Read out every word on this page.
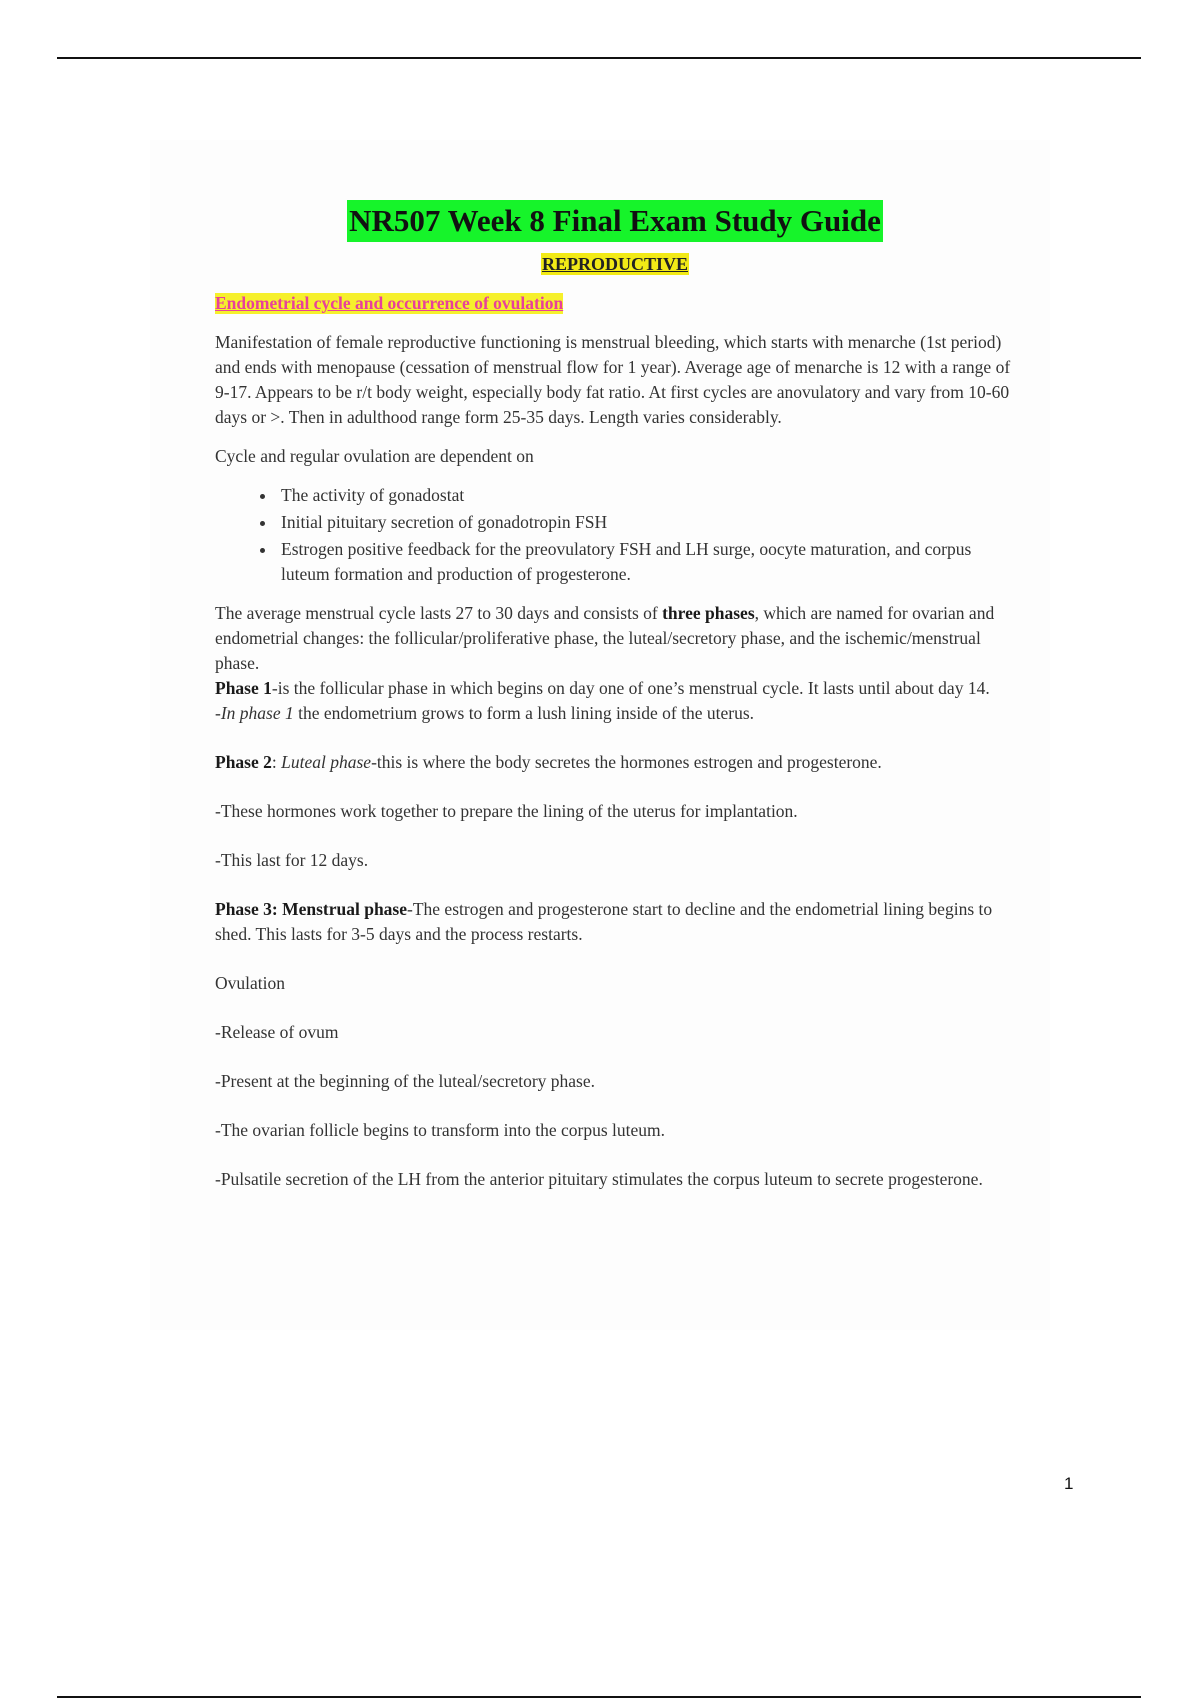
NR507 Week 8 Final Exam Study Guide
REPRODUCTIVE
Endometrial cycle and occurrence of ovulation

Manifestation of female reproductive functioning is menstrual bleeding, which starts with menarche (1st period) and ends with menopause (cessation of menstrual flow for 1 year). Average age of menarche is 12 with a range of 9-17. Appears to be r/t body weight, especially body fat ratio. At first cycles are anovulatory and vary from 10-60 days or >. Then in adulthood range form 25-35 days. Length varies considerably.

Cycle and regular ovulation are dependent on

• The activity of gonadostat
• Initial pituitary secretion of gonadotropin FSH
• Estrogen positive feedback for the preovulatory FSH and LH surge, oocyte maturation, and corpus luteum formation and production of progesterone.

The average menstrual cycle lasts 27 to 30 days and consists of three phases, which are named for ovarian and endometrial changes: the follicular/proliferative phase, the luteal/secretory phase, and the ischemic/menstrual phase.

Phase 1-is the follicular phase in which begins on day one of one’s menstrual cycle. It lasts until about day 14.

-In phase 1 the endometrium grows to form a lush lining inside of the uterus.

Phase 2: Luteal phase-this is where the body secretes the hormones estrogen and progesterone.

-These hormones work together to prepare the lining of the uterus for implantation.

-This last for 12 days.

Phase 3: Menstrual phase-The estrogen and progesterone start to decline and the endometrial lining begins to shed. This lasts for 3-5 days and the process restarts.

Ovulation

-Release of ovum

-Present at the beginning of the luteal/secretory phase.

-The ovarian follicle begins to transform into the corpus luteum.

-Pulsatile secretion of the LH from the anterior pituitary stimulates the corpus luteum to secrete progesterone.

1
